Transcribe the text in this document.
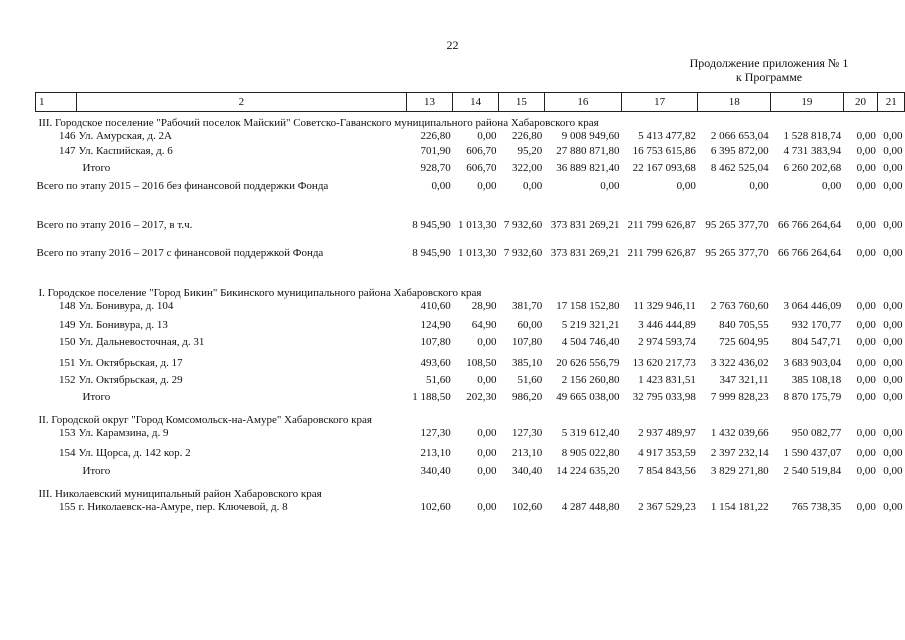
22
Продолжение приложения № 1
к Программе
1	2	13	14	15	16	17	18	19	20	21
III. Городское поселение "Рабочий поселок Майский" Советско-Гаванского муниципального района Хабаровского края										
146	Ул. Амурская, д. 2А	226,80	0,00	226,80	9 008 949,60	5 413 477,82	2 066 653,04	1 528 818,74	0,00	0,00
147	Ул. Каспийская, д. 6	701,90	606,70	95,20	27 880 871,80	16 753 615,86	6 395 872,00	4 731 383,94	0,00	0,00
	Итого	928,70	606,70	322,00	36 889 821,40	22 167 093,68	8 462 525,04	6 260 202,68	0,00	0,00
Всего по этапу 2015 – 2016 без финансовой поддержки Фонда		0,00	0,00	0,00	0,00	0,00	0,00	0,00	0,00	0,00
Всего по этапу 2016 – 2017, в т.ч.		8 945,90	1 013,30	7 932,60	373 831 269,21	211 799 626,87	95 265 377,70	66 766 264,64	0,00	0,00
Всего по этапу 2016 – 2017 с финансовой поддержкой Фонда		8 945,90	1 013,30	7 932,60	373 831 269,21	211 799 626,87	95 265 377,70	66 766 264,64	0,00	0,00
I. Городское поселение "Город Бикин" Бикинского муниципального района Хабаровского края										
148	Ул. Бонивура, д. 104	410,60	28,90	381,70	17 158 152,80	11 329 946,11	2 763 760,60	3 064 446,09	0,00	0,00
149	Ул. Бонивура, д. 13	124,90	64,90	60,00	5 219 321,21	3 446 444,89	840 705,55	932 170,77	0,00	0,00
150	Ул. Дальневосточная, д. 31	107,80	0,00	107,80	4 504 746,40	2 974 593,74	725 604,95	804 547,71	0,00	0,00
151	Ул. Октябрьская, д. 17	493,60	108,50	385,10	20 626 556,79	13 620 217,73	3 322 436,02	3 683 903,04	0,00	0,00
152	Ул. Октябрьская, д. 29	51,60	0,00	51,60	2 156 260,80	1 423 831,51	347 321,11	385 108,18	0,00	0,00
	Итого	1 188,50	202,30	986,20	49 665 038,00	32 795 033,98	7 999 828,23	8 870 175,79	0,00	0,00
II. Городской округ "Город Комсомольск-на-Амуре" Хабаровского края										
153	Ул. Карамзина, д. 9	127,30	0,00	127,30	5 319 612,40	2 937 489,97	1 432 039,66	950 082,77	0,00	0,00
154	Ул. Щорса, д. 142 кор. 2	213,10	0,00	213,10	8 905 022,80	4 917 353,59	2 397 232,14	1 590 437,07	0,00	0,00
	Итого	340,40	0,00	340,40	14 224 635,20	7 854 843,56	3 829 271,80	2 540 519,84	0,00	0,00
III. Николаевский муниципальный район Хабаровского края										
155	г. Николаевск-на-Амуре, пер. Ключевой, д. 8	102,60	0,00	102,60	4 287 448,80	2 367 529,23	1 154 181,22	765 738,35	0,00	0,00
